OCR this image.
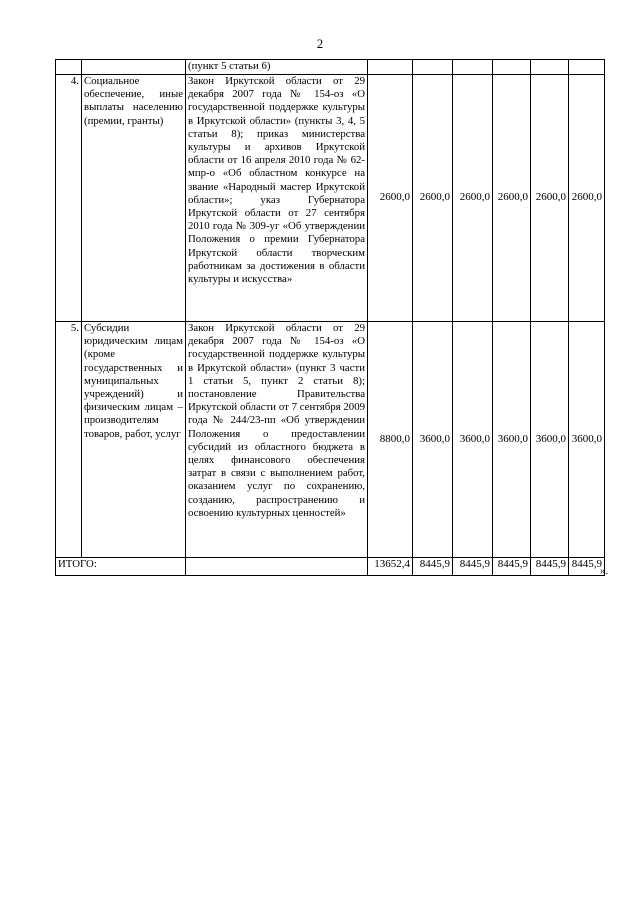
2
		(пункт 5 статьи 6)						
4.	Социальное обеспечение, иные выплаты населению (премии, гранты)	Закон Иркутской области от 29 декабря 2007 года № 154-оз «О государственной поддержке культуры в Иркутской области» (пункты 3, 4, 5 статьи 8); приказ министерства культуры и архивов Иркутской области от 16 апреля 2010 года № 62-мпр-о «Об областном конкурсе на звание «Народный мастер Иркутской области»; указ Губернатора Иркутской области от 27 сентября 2010 года № 309-уг «Об утверждении Положения о премии Губернатора Иркутской области творческим работникам за достижения в области культуры и искусства»	2600,0	2600,0	2600,0	2600,0	2600,0	2600,0
5.	Субсидии юридическим лицам (кроме государственных и муниципальных учреждений) и физическим лицам – производителям товаров, работ, услуг	Закон Иркутской области от 29 декабря 2007 года № 154-оз «О государственной поддержке культуры в Иркутской области» (пункт 3 части 1 статьи 5, пункт 2 статьи 8); постановление Правительства Иркутской области от 7 сентября 2009 года № 244/23-пп «Об утверждении Положения о предоставлении субсидий из областного бюджета в целях финансового обеспечения затрат в связи с выполнением работ, оказанием услуг по сохранению, созданию, распространению и освоению культурных ценностей»	8800,0	3600,0	3600,0	3600,0	3600,0	3600,0
ИТОГО:			13652,4	8445,9	8445,9	8445,9	8445,9	8445,9
».
